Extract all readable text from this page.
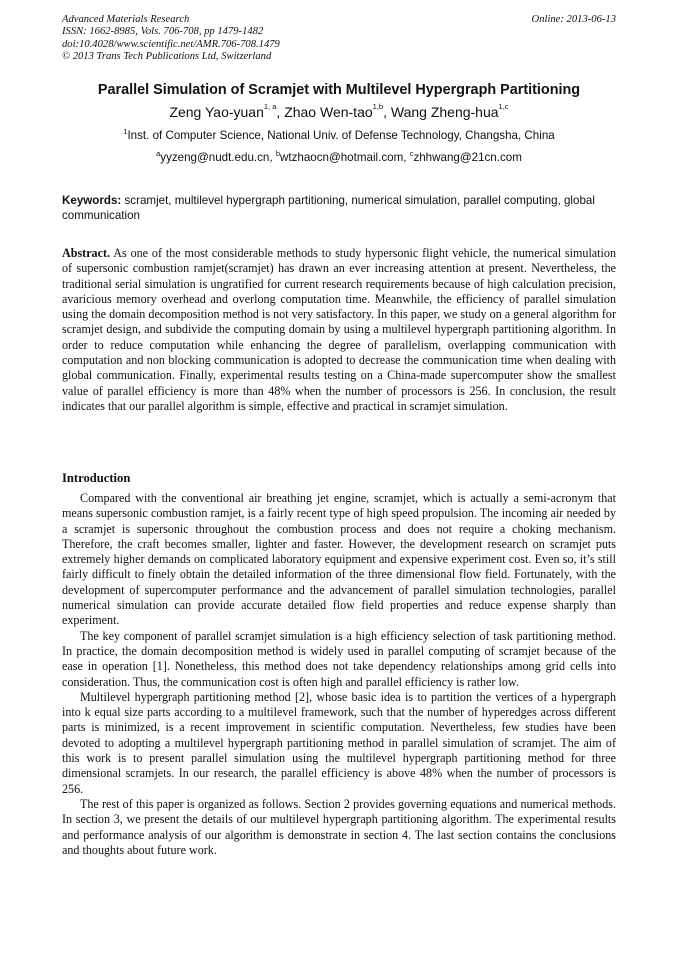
Advanced Materials Research
ISSN: 1662-8985, Vols. 706-708, pp 1479-1482
doi:10.4028/www.scientific.net/AMR.706-708.1479
© 2013 Trans Tech Publications Ltd, Switzerland
Online: 2013-06-13
Parallel Simulation of Scramjet with Multilevel Hypergraph Partitioning
Zeng Yao-yuan$^{1, a}$, Zhao Wen-tao$^{1,b}$, Wang Zheng-hua$^{1,c}$
$^1$Inst. of Computer Science, National Univ. of Defense Technology, Changsha, China
$^a$yyzeng@nudt.edu.cn, $^b$wtzhaocn@hotmail.com, $^c$zhhwang@21cn.com
Keywords: scramjet, multilevel hypergraph partitioning, numerical simulation, parallel computing, global communication
Abstract. As one of the most considerable methods to study hypersonic flight vehicle, the numerical simulation of supersonic combustion ramjet(scramjet) has drawn an ever increasing attention at present. Nevertheless, the traditional serial simulation is ungratified for current research requirements because of high calculation precision, avaricious memory overhead and overlong computation time. Meanwhile, the efficiency of parallel simulation using the domain decomposition method is not very satisfactory. In this paper, we study on a general algorithm for scramjet design, and subdivide the computing domain by using a multilevel hypergraph partitioning algorithm. In order to reduce computation while enhancing the degree of parallelism, overlapping communication with computation and non blocking communication is adopted to decrease the communication time when dealing with global communication. Finally, experimental results testing on a China-made supercomputer show the smallest value of parallel efficiency is more than 48% when the number of processors is 256. In conclusion, the result indicates that our parallel algorithm is simple, effective and practical in scramjet simulation.
Introduction

Compared with the conventional air breathing jet engine, scramjet, which is actually a semi-acronym that means supersonic combustion ramjet, is a fairly recent type of high speed propulsion. The incoming air needed by a scramjet is supersonic throughout the combustion process and does not require a choking mechanism. Therefore, the craft becomes smaller, lighter and faster. However, the development research on scramjet puts extremely higher demands on complicated laboratory equipment and expensive experiment cost. Even so, it’s still fairly difficult to finely obtain the detailed information of the three dimensional flow field. Fortunately, with the development of supercomputer performance and the advancement of parallel simulation technologies, parallel numerical simulation can provide accurate detailed flow field properties and reduce expense sharply than experiment.

The key component of parallel scramjet simulation is a high efficiency selection of task partitioning method. In practice, the domain decomposition method is widely used in parallel computing of scramjet because of the ease in operation [1]. Nonetheless, this method does not take dependency relationships among grid cells into consideration. Thus, the communication cost is often high and parallel efficiency is rather low.

Multilevel hypergraph partitioning method [2], whose basic idea is to partition the vertices of a hypergraph into k equal size parts according to a multilevel framework, such that the number of hyperedges across different parts is minimized, is a recent improvement in scientific computation. Nevertheless, few studies have been devoted to adopting a multilevel hypergraph partitioning method in parallel simulation of scramjet. The aim of this work is to present parallel simulation using the multilevel hypergraph partitioning method for three dimensional scramjets. In our research, the parallel efficiency is above 48% when the number of processors is 256.

The rest of this paper is organized as follows. Section 2 provides governing equations and numerical methods. In section 3, we present the details of our multilevel hypergraph partitioning algorithm. The experimental results and performance analysis of our algorithm is demonstrate in section 4. The last section contains the conclusions and thoughts about future work.
